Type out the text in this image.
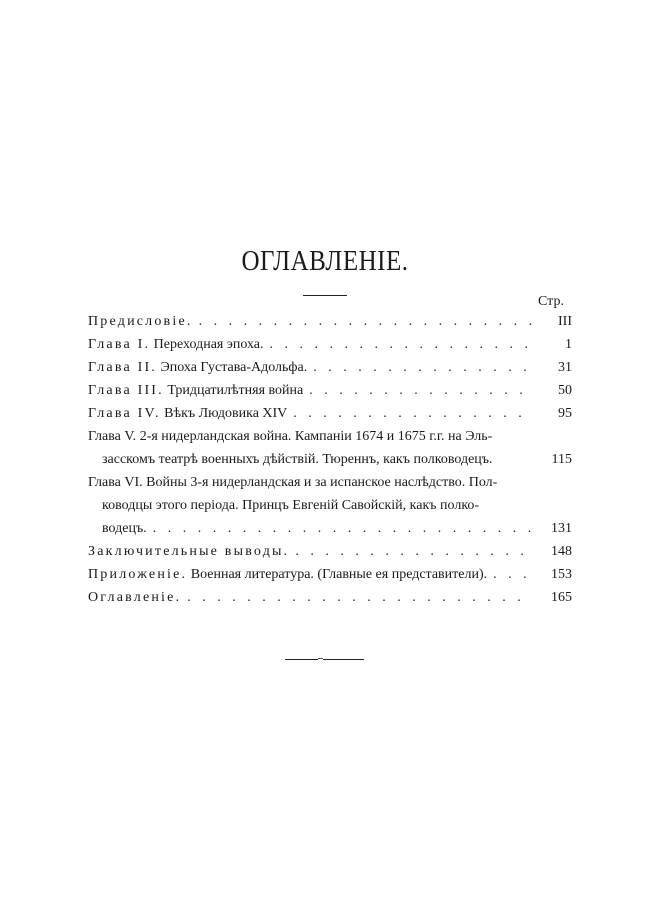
ОГЛАВЛЕНІЕ.
Стр.
Предисловіе. . . .	III
Глава I. Переходная эпоха. . . .	1
Глава II. Эпоха Густава-Адольфа. . . .	31
Глава III. Тридцатилѣтняя война . . .	50
Глава IV. Вѣкъ Людовика XIV . . .	95
Глава V. 2-я нидерландская война. Кампаніи 1674 и 1675 г.г. на Эль-
засскомъ театрѣ военныхъ дѣйствій. Тюреннъ, какъ полководецъ.	115
Глава VI. Войны 3-я нидерландская и за испанское наслѣдство. Пол-
ководцы этого періода. Принцъ Евгеній Савойскій, какъ полко-
водецъ. . . .	131
Заключительные выводы. . . .	148
Приложеніе. Военная литература. (Главные ея представители). . . .	153
Оглавленіе. . . .	165
